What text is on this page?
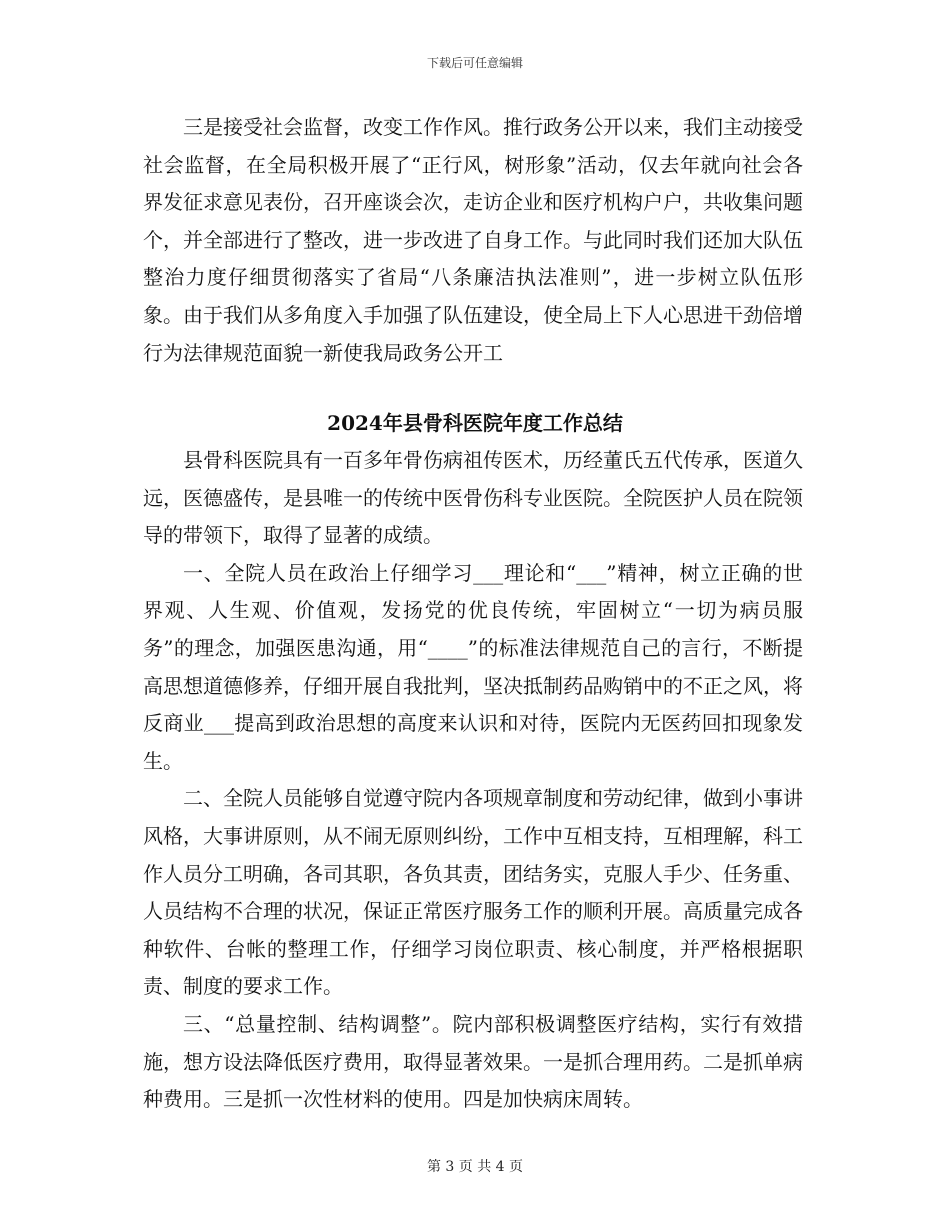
下载后可任意编辑

三是接受社会监督，改变工作作风。推行政务公开以来，我们主动接受社会监督，在全局积极开展了“正行风，树形象”活动，仅去年就向社会各界发征求意见表份，召开座谈会次，走访企业和医疗机构户户，共收集问题个，并全部进行了整改，进一步改进了自身工作。与此同时我们还加大队伍整治力度仔细贯彻落实了省局“八条廉洁执法准则”，进一步树立队伍形象。由于我们从多角度入手加强了队伍建设，使全局上下人心思进干劲倍增行为法律规范面貌一新使我局政务公开工

2024年县骨科医院年度工作总结

县骨科医院具有一百多年骨伤病祖传医术，历经董氏五代传承，医道久远，医德盛传，是县唯一的传统中医骨伤科专业医院。全院医护人员在院领导的带领下，取得了显著的成绩。

一、全院人员在政治上仔细学习___理论和“___”精神，树立正确的世界观、人生观、价值观，发扬党的优良传统，牢固树立“一切为病员服务”的理念，加强医患沟通，用“____”的标准法律规范自己的言行，不断提高思想道德修养，仔细开展自我批判，坚决抵制药品购销中的不正之风，将反商业___提高到政治思想的高度来认识和对待，医院内无医药回扣现象发生。

二、全院人员能够自觉遵守院内各项规章制度和劳动纪律，做到小事讲风格，大事讲原则，从不闹无原则纠纷，工作中互相支持，互相理解，科工作人员分工明确，各司其职，各负其责，团结务实，克服人手少、任务重、人员结构不合理的状况，保证正常医疗服务工作的顺利开展。高质量完成各种软件、台帐的整理工作，仔细学习岗位职责、核心制度，并严格根据职责、制度的要求工作。

三、“总量控制、结构调整”。院内部积极调整医疗结构，实行有效措施，想方设法降低医疗费用，取得显著效果。一是抓合理用药。二是抓单病种费用。三是抓一次性材料的使用。四是加快病床周转。

第 3 页 共 4 页
